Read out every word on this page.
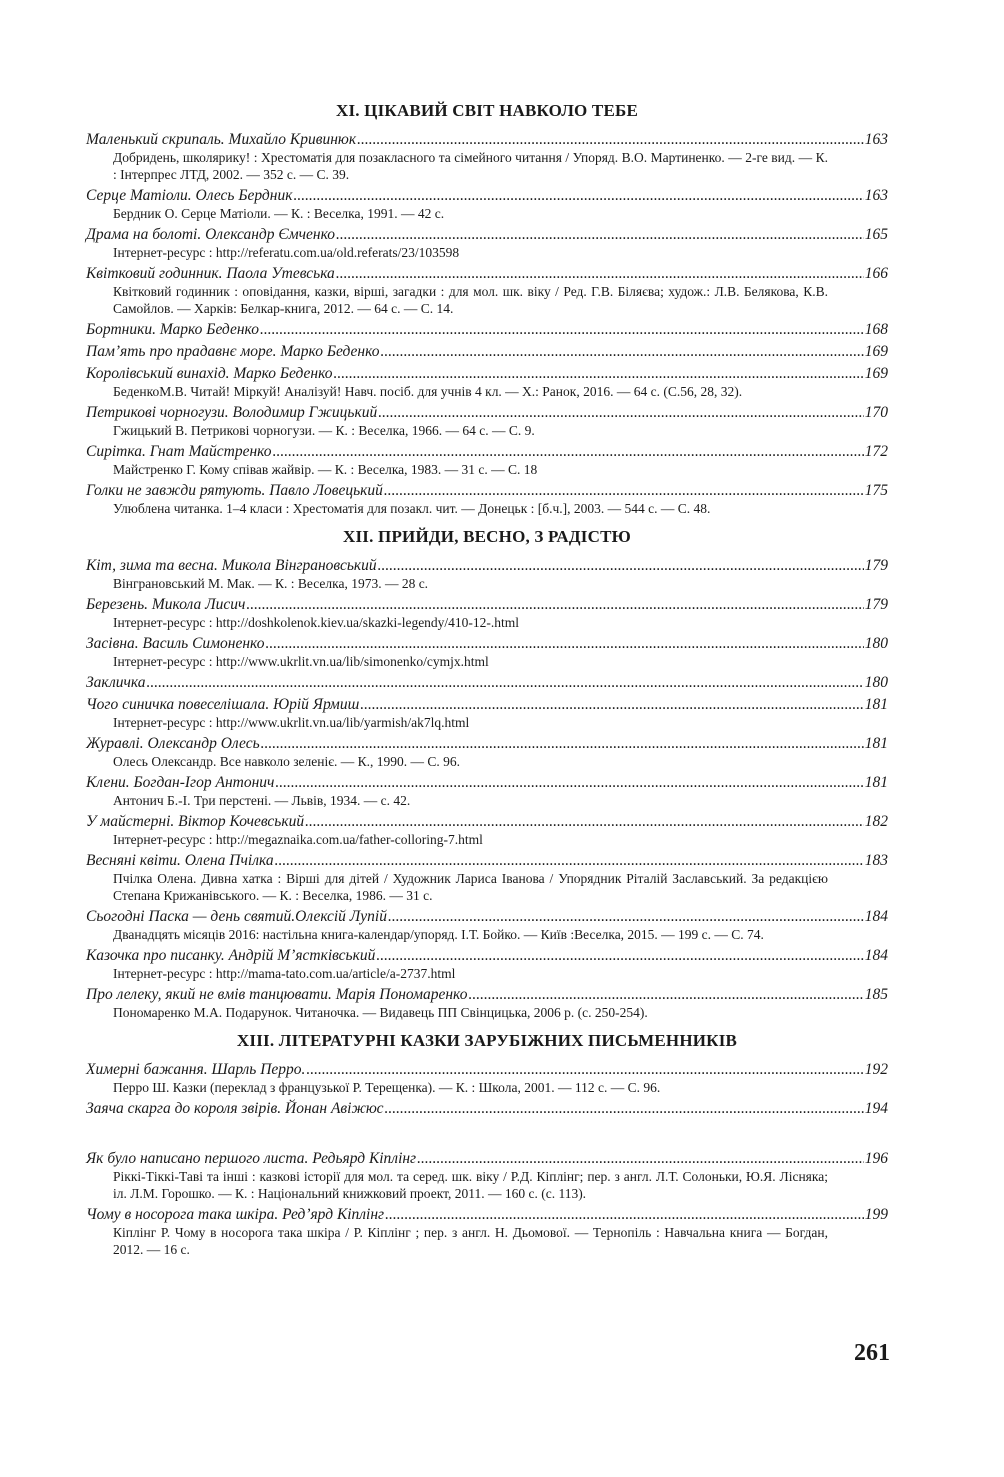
XI. ЦІКАВИЙ СВІТ НАВКОЛО ТЕБЕ
Маленький скрипаль. Михайло Кривинюк .....	163
Добридень, школярику! : Хрестоматія для позакласного та сімейного читання / Упоряд. В.О. Мартиненко. — 2-ге вид. — К. : Інтерпрес ЛТД, 2002. — 352 с. — С. 39.
Серце Матіоли. Олесь Бердник .....	163
Бердник О. Серце Матіоли. — К. : Веселка, 1991. — 42 с.
Драма на болоті. Олександр Ємченко .....	165
Інтернет-ресурс : http://referatu.com.ua/old.referats/23/103598
Квітковий годинник. Паола Утевська .....	166
Квітковий годинник : оповідання, казки, вірші, загадки : для мол. шк. віку / Ред. Г.В. Біляєва; худож.: Л.В. Белякова, К.В. Самойлов. — Харків: Белкар-книга, 2012. — 64 с. — С. 14.
Бортники. Марко Беденко .....	168
Пам’ять про прадавнє море. Марко Беденко .....	169
Королівський винахід. Марко Беденко .....	169
БеденкоМ.В. Читай! Міркуй! Аналізуй! Навч. посіб. для учнів 4 кл. — Х.: Ранок, 2016. — 64 с. (С.56, 28, 32).
Петрикові чорногузи. Володимир Гжицький .....	170
Гжицький В. Петрикові чорногузи. — К. : Веселка, 1966. — 64 с. — С. 9.
Сирітка. Гнат Майстренко .....	172
Майстренко Г. Кому співав жайвір. — К. : Веселка, 1983. — 31 с. — С. 18
Голки не завжди рятують. Павло Ловецький .....	175
Улюблена читанка. 1–4 класи : Хрестоматія для позакл. чит. — Донецьк : [б.ч.], 2003. — 544 с. — С. 48.
XII. ПРИЙДИ, ВЕСНО, З РАДІСТЮ
Кіт, зима та весна. Микола Вінграновський .....	179
Вінграновський М. Мак. — К. : Веселка, 1973. — 28 с.
Березень. Микола Лисич .....	179
Інтернет-ресурс : http://doshkolenok.kiev.ua/skazki-legendy/410-12-.html
Засівна. Василь Симоненко .....	180
Інтернет-ресурс : http://www.ukrlit.vn.ua/lib/simonenko/cymjx.html
Закличка .....	180
Чого синичка повеселішала. Юрій Ярмиш .....	181
Інтернет-ресурс : http://www.ukrlit.vn.ua/lib/yarmish/ak7lq.html
Журавлі. Олександр Олесь .....	181
Олесь Олександр. Все навколо зеленіє. — К., 1990. — С. 96.
Клени. Богдан-Ігор Антонич .....	181
Антонич Б.-І. Три перстені. — Львів, 1934. — с. 42.
У майстерні. Віктор Кочевський .....	182
Інтернет-ресурс : http://megaznaika.com.ua/father-colloring-7.html
Весняні квіти. Олена Пчілка .....	183
Пчілка Олена. Дивна хатка : Вірші для дітей / Художник Лариса Іванова / Упорядник Ріталій Заславський. За редакцією Степана Крижанівського. — К. : Веселка, 1986. — 31 с.
Сьогодні Паска — день святий.Олексій Лупій .....	184
Дванадцять місяців 2016: настільна книга-календар/упоряд. І.Т. Бойко. — Київ :Веселка, 2015. — 199 с. — С. 74.
Казочка про писанку. Андрій М’ястківський .....	184
Інтернет-ресурс : http://mama-tato.com.ua/article/a-2737.html
Про лелеку, який не вмів танцювати. Марія Пономаренко .....	185
Пономаренко М.А. Подарунок. Читаночка. — Видавець ПП Свінцицька, 2006 р. (с. 250-254).
XIII. ЛІТЕРАТУРНІ КАЗКИ ЗАРУБІЖНИХ ПИСЬМЕННИКІВ
Химерні бажання. Шарль Перро. .....	192
Перро Ш. Казки (переклад з французької Р. Терещенка). — К. : Школа, 2001. — 112 с. — С. 96.
Заяча скарга до короля звірів. Йонан Авіжюс .....	194
Як було написано першого листа. Редьярд Кіплінг .....	196
Ріккі-Тіккі-Таві та інші : казкові історії для мол. та серед. шк. віку / Р.Д. Кіплінг; пер. з англ. Л.Т. Солоньки, Ю.Я. Лісняка; іл. Л.М. Горошко. — К. : Національний книжковий проект, 2011. — 160 с. (с. 113).
Чому в носорога така шкіра. Ред’ярд Кіплінг .....	199
Кіплінг Р. Чому в носорога така шкіра / Р. Кіплінг ; пер. з англ. Н. Дьомової. — Тернопіль : Навчальна книга — Богдан, 2012. — 16 с.
261
